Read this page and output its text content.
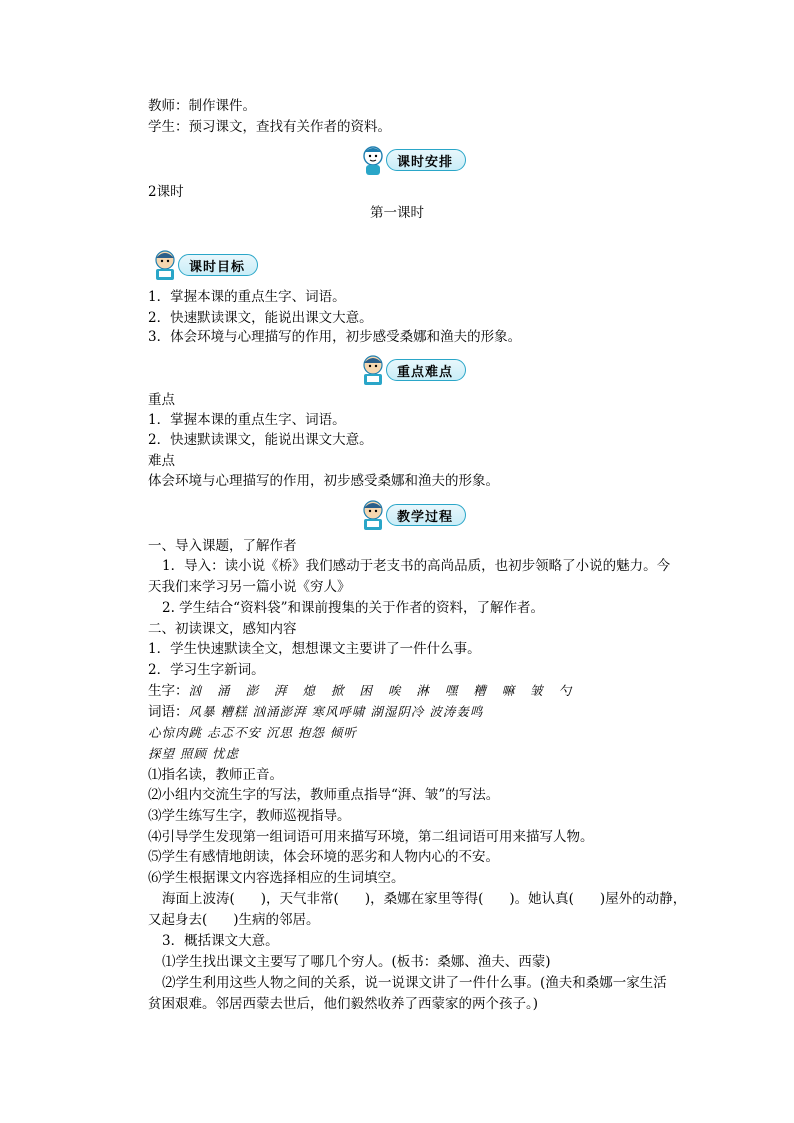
教师：制作课件。
学生：预习课文，查找有关作者的资料。
课时安排
2课时
第一课时
课时目标
1．掌握本课的重点生字、词语。
2．快速默读课文，能说出课文大意。
3．体会环境与心理描写的作用，初步感受桑娜和渔夫的形象。
重点难点
重点
1．掌握本课的重点生字、词语。
2．快速默读课文，能说出课文大意。
难点
体会环境与心理描写的作用，初步感受桑娜和渔夫的形象。
教学过程
一、导入课题，了解作者
1．导入：读小说《桥》我们感动于老支书的高尚品质，也初步领略了小说的魅力。今
天我们来学习另一篇小说《穷人》
2. 学生结合“资料袋”和课前搜集的关于作者的资料，了解作者。
二、初读课文，感知内容
1．学生快速默读全文，想想课文主要讲了一件什么事。
2．学习生字新词。
生字：汹 涌 澎 湃 熄 掀 困 唉 淋 嘿 糟 嘛 皱 勺
词语：风暴 糟糕 汹涌澎湃 寒风呼啸 湖湿阴冷 波涛轰鸣
心惊肉跳 忐忑不安 沉思 抱怨 倾听
探望 照顾 忧虑
⑴指名读，教师正音。
⑵小组内交流生字的写法，教师重点指导“湃、皱”的写法。
⑶学生练写生字，教师巡视指导。
⑷引导学生发现第一组词语可用来描写环境，第二组词语可用来描写人物。
⑸学生有感情地朗读，体会环境的恶劣和人物内心的不安。
⑹学生根据课文内容选择相应的生词填空。
海面上波涛( )，天气非常( )，桑娜在家里等得( )。她认真( )屋外的动静，
又起身去( )生病的邻居。
3．概括课文大意。
⑴学生找出课文主要写了哪几个穷人。(板书：桑娜、渔夫、西蒙)
⑵学生利用这些人物之间的关系，说一说课文讲了一件什么事。(渔夫和桑娜一家生活
贫困艰难。邻居西蒙去世后，他们毅然收养了西蒙家的两个孩子。)
